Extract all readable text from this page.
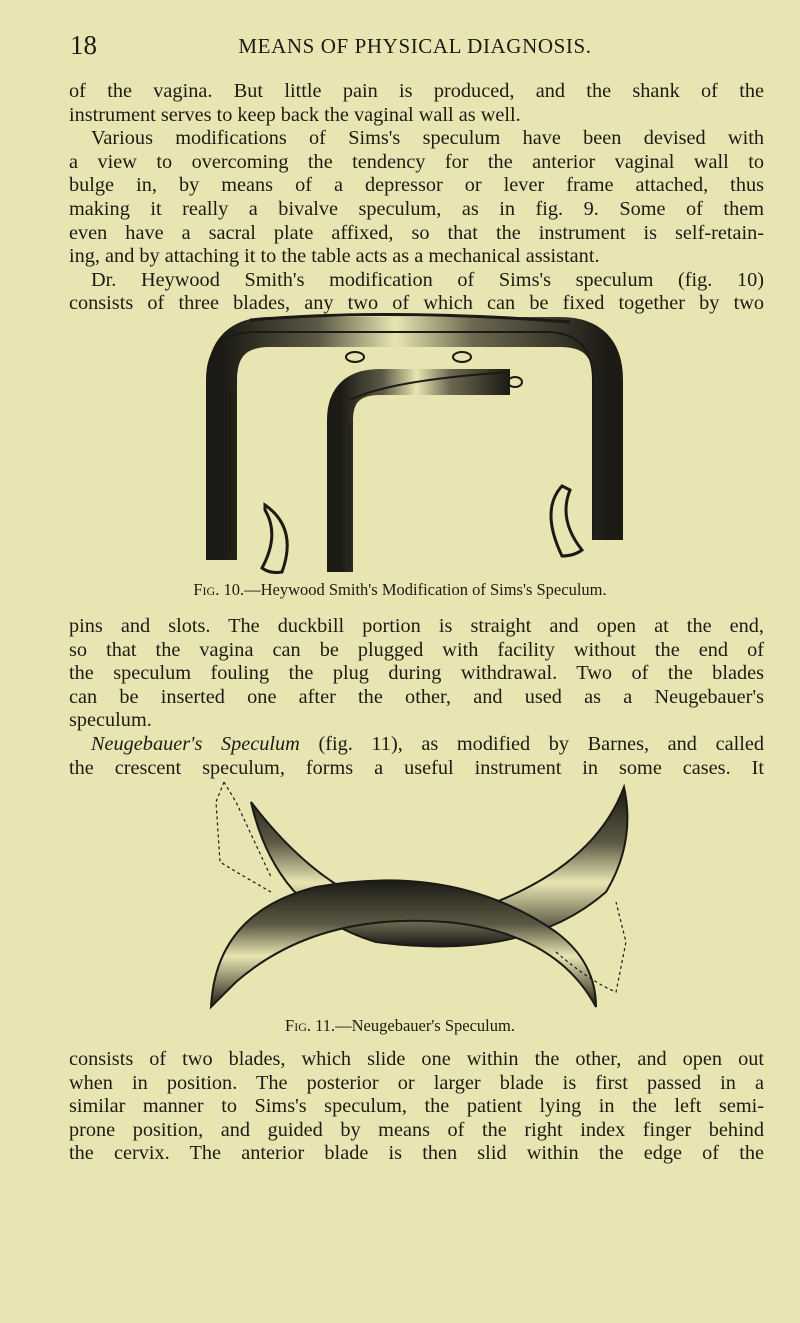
18	MEANS OF PHYSICAL DIAGNOSIS.
of the vagina. But little pain is produced, and the shank of the
instrument serves to keep back the vaginal wall as well.
Various modifications of Sims's speculum have been devised with
a view to overcoming the tendency for the anterior vaginal wall to
bulge in, by means of a depressor or lever frame attached, thus
making it really a bivalve speculum, as in fig. 9. Some of them
even have a sacral plate affixed, so that the instrument is self-retain-
ing, and by attaching it to the table acts as a mechanical assistant.
Dr. Heywood Smith's modification of Sims's speculum (fig. 10)
consists of three blades, any two of which can be fixed together by two
Fig. 10.—Heywood Smith's Modification of Sims's Speculum.
pins and slots. The duckbill portion is straight and open at the end,
so that the vagina can be plugged with facility without the end of
the speculum fouling the plug during withdrawal. Two of the blades
can be inserted one after the other, and used as a Neugebauer's
speculum.
Neugebauer's Speculum (fig. 11), as modified by Barnes, and called
the crescent speculum, forms a useful instrument in some cases. It
Fig. 11.—Neugebauer's Speculum.
consists of two blades, which slide one within the other, and open out
when in position. The posterior or larger blade is first passed in a
similar manner to Sims's speculum, the patient lying in the left semi-
prone position, and guided by means of the right index finger behind
the cervix. The anterior blade is then slid within the edge of the
